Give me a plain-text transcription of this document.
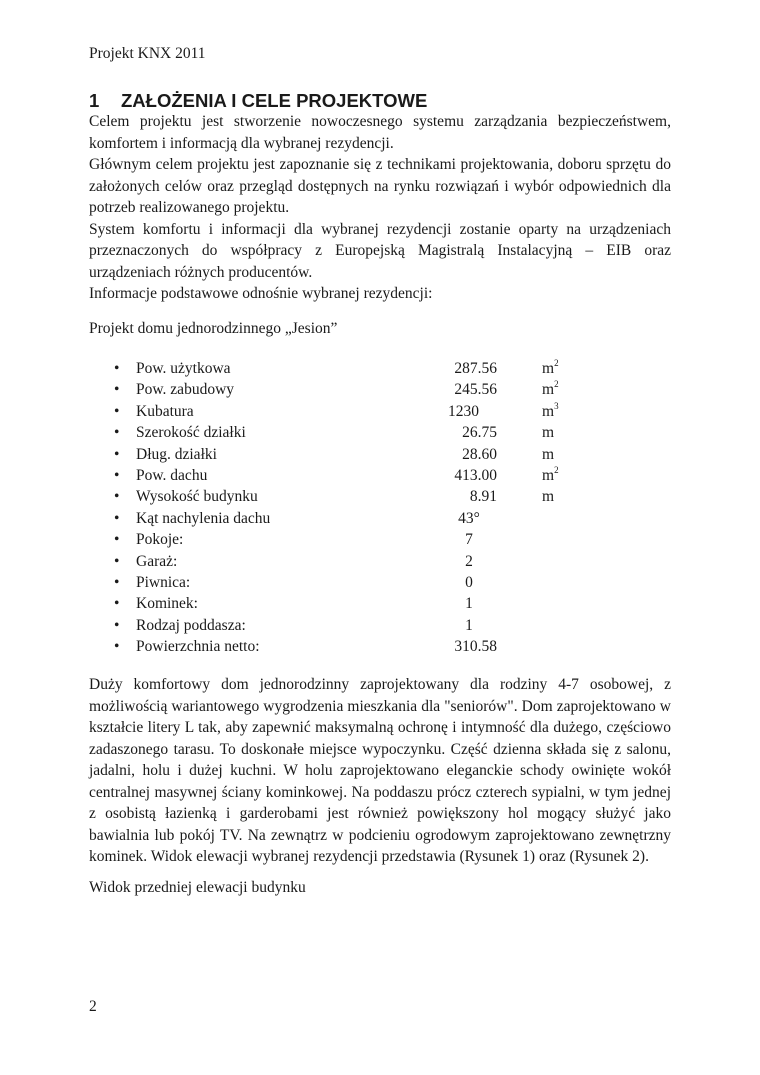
Projekt KNX 2011
1 ZAŁOŻENIA I CELE PROJEKTOWE

Celem projektu jest stworzenie nowoczesnego systemu zarządzania bezpieczeństwem, komfortem i informacją dla wybranej rezydencji.

Głównym celem projektu jest zapoznanie się z technikami projektowania, doboru sprzętu do założonych celów oraz przegląd dostępnych na rynku rozwiązań i wybór odpowiednich dla potrzeb realizowanego projektu.

System komfortu i informacji dla wybranej rezydencji zostanie oparty na urządzeniach przeznaczonych do współpracy z Europejską Magistralą Instalacyjną – EIB oraz urządzeniach różnych producentów.

Informacje podstawowe odnośnie wybranej rezydencji:

Projekt domu jednorodzinnego „Jesion”
• Pow. użytkowa	287.56	$m^2$
• Pow. zabudowy	245.56	$m^2$
• Kubatura	1230	$m^3$
• Szerokość działki	26.75	m
• Dług. działki	28.60	m
• Pow. dachu	413.00	$m^2$
• Wysokość budynku	8.91	m
• Kąt nachylenia dachu	43°
• Pokoje:	7
• Garaż:	2
• Piwnica:	0
• Kominek:	1
• Rodzaj poddasza:	1
• Powierzchnia netto:	310.58
Duży komfortowy dom jednorodzinny zaprojektowany dla rodziny 4-7 osobowej, z możliwością wariantowego wygrodzenia mieszkania dla "seniorów". Dom zaprojektowano w kształcie litery L tak, aby zapewnić maksymalną ochronę i intymność dla dużego, częściowo zadaszonego tarasu. To doskonałe miejsce wypoczynku. Część dzienna składa się z salonu, jadalni, holu i dużej kuchni. W holu zaprojektowano eleganckie schody owinięte wokół centralnej masywnej ściany kominkowej. Na poddaszu prócz czterech sypialni, w tym jednej z osobistą łazienką i garderobami jest również powiększony hol mogący służyć jako bawialnia lub pokój TV. Na zewnątrz w podcieniu ogrodowym zaprojektowano zewnętrzny kominek. Widok elewacji wybranej rezydencji przedstawia (Rysunek 1) oraz (Rysunek 2).
Widok przedniej elewacji budynku
2
